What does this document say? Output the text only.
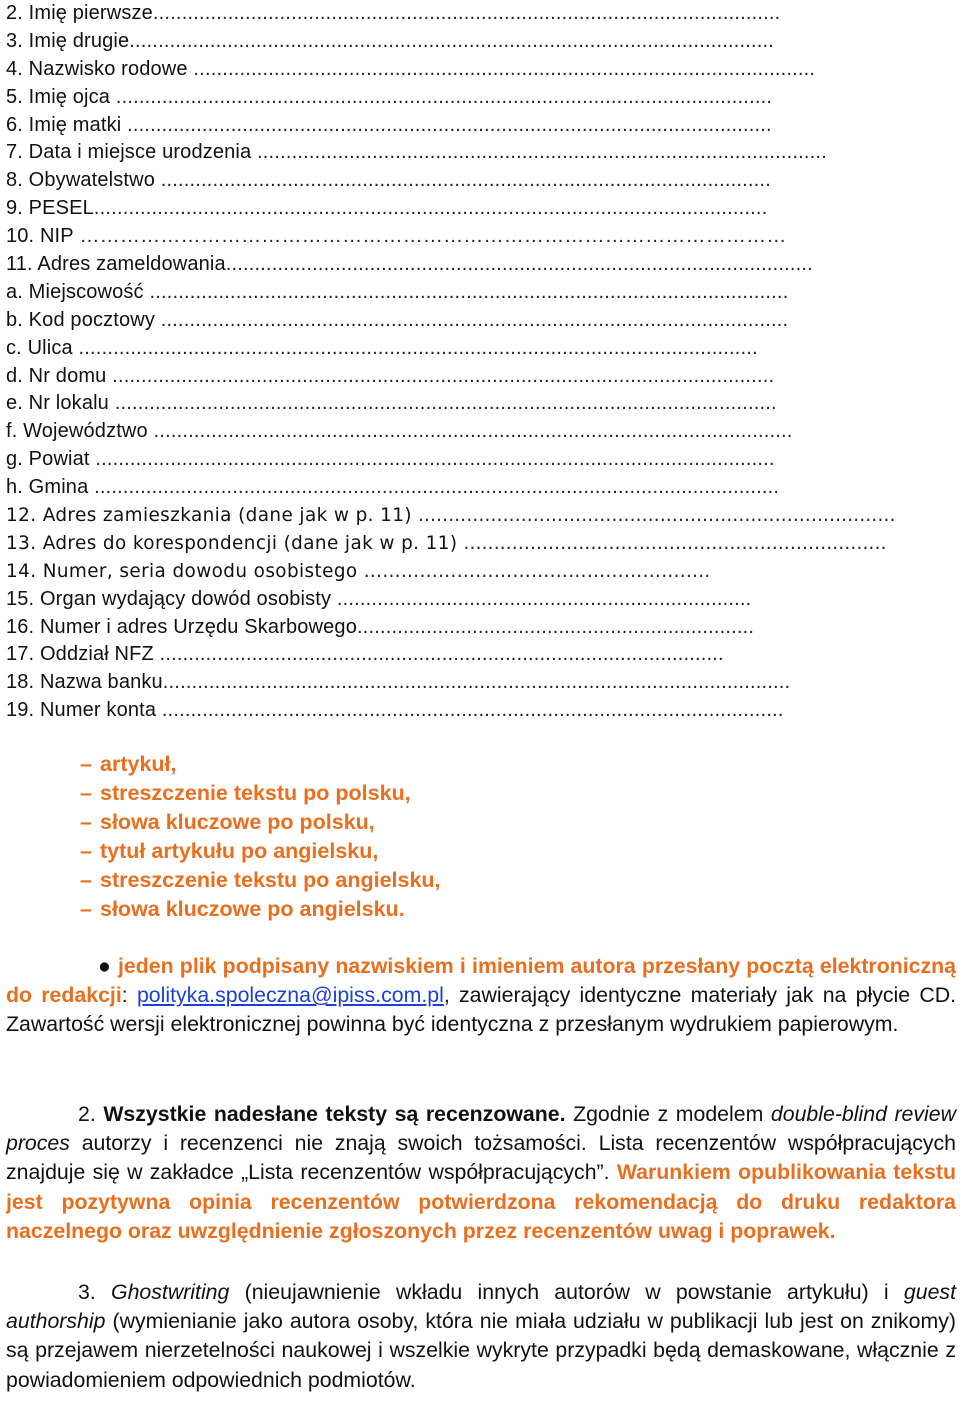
2. Imię pierwsze.............................................................................................................
3. Imię drugie................................................................................................................
4. Nazwisko rodowe ............................................................................................................
5. Imię ojca ..................................................................................................................
6. Imię matki ................................................................................................................
7. Data i miejsce urodzenia ...................................................................................................
8. Obywatelstwo ..........................................................................................................
9. PESEL.....................................................................................................................
10. NIP ……………………………………………………………………………………………
11. Adres zameldowania......................................................................................................
a. Miejscowość ...............................................................................................................
b. Kod pocztowy .............................................................................................................
c. Ulica ......................................................................................................................
d. Nr domu ...................................................................................................................
e. Nr lokalu ...................................................................................................................
f. Województwo ...............................................................................................................
g. Powiat ......................................................................................................................
h. Gmina .......................................................................................................................
12. Adres zamieszkania (dane jak w p. 11) ...............................................................................
13. Adres do korespondencji (dane jak w p. 11) ......................................................................
14. Numer, seria dowodu osobistego ………………………………………………..
15. Organ wydający dowód osobisty ........................................................................
16. Numer i adres Urzędu Skarbowego.....................................................................
17. Oddział NFZ ..................................................................................................
18. Nazwa banku.............................................................................................................
19. Numer konta ............................................................................................................
– artykuł,
– streszczenie tekstu po polsku,
– słowa kluczowe po polsku,
– tytuł artykułu po angielsku,
– streszczenie tekstu po angielsku,
– słowa kluczowe po angielsku.

● jeden plik podpisany nazwiskiem i imieniem autora przesłany pocztą elektroniczną do redakcji: polityka.spoleczna@ipiss.com.pl, zawierający identyczne materiały jak na płycie CD. Zawartość wersji elektronicznej powinna być identyczna z przesłanym wydrukiem papierowym.

2. Wszystkie nadesłane teksty są recenzowane. Zgodnie z modelem double-blind review proces autorzy i recenzenci nie znają swoich tożsamości. Lista recenzentów współpracujących znajduje się w zakładce „Lista recenzentów współpracujących”. Warunkiem opublikowania tekstu jest pozytywna opinia recenzentów potwierdzona rekomendacją do druku redaktora naczelnego oraz uwzględnienie zgłoszonych przez recenzentów uwag i poprawek.

3. Ghostwriting (nieujawnienie wkładu innych autorów w powstanie artykułu) i guest authorship (wymienianie jako autora osoby, która nie miała udziału w publikacji lub jest on znikomy) są przejawem nierzetelności naukowej i wszelkie wykryte przypadki będą demaskowane, włącznie z powiadomieniem odpowiednich podmiotów.
